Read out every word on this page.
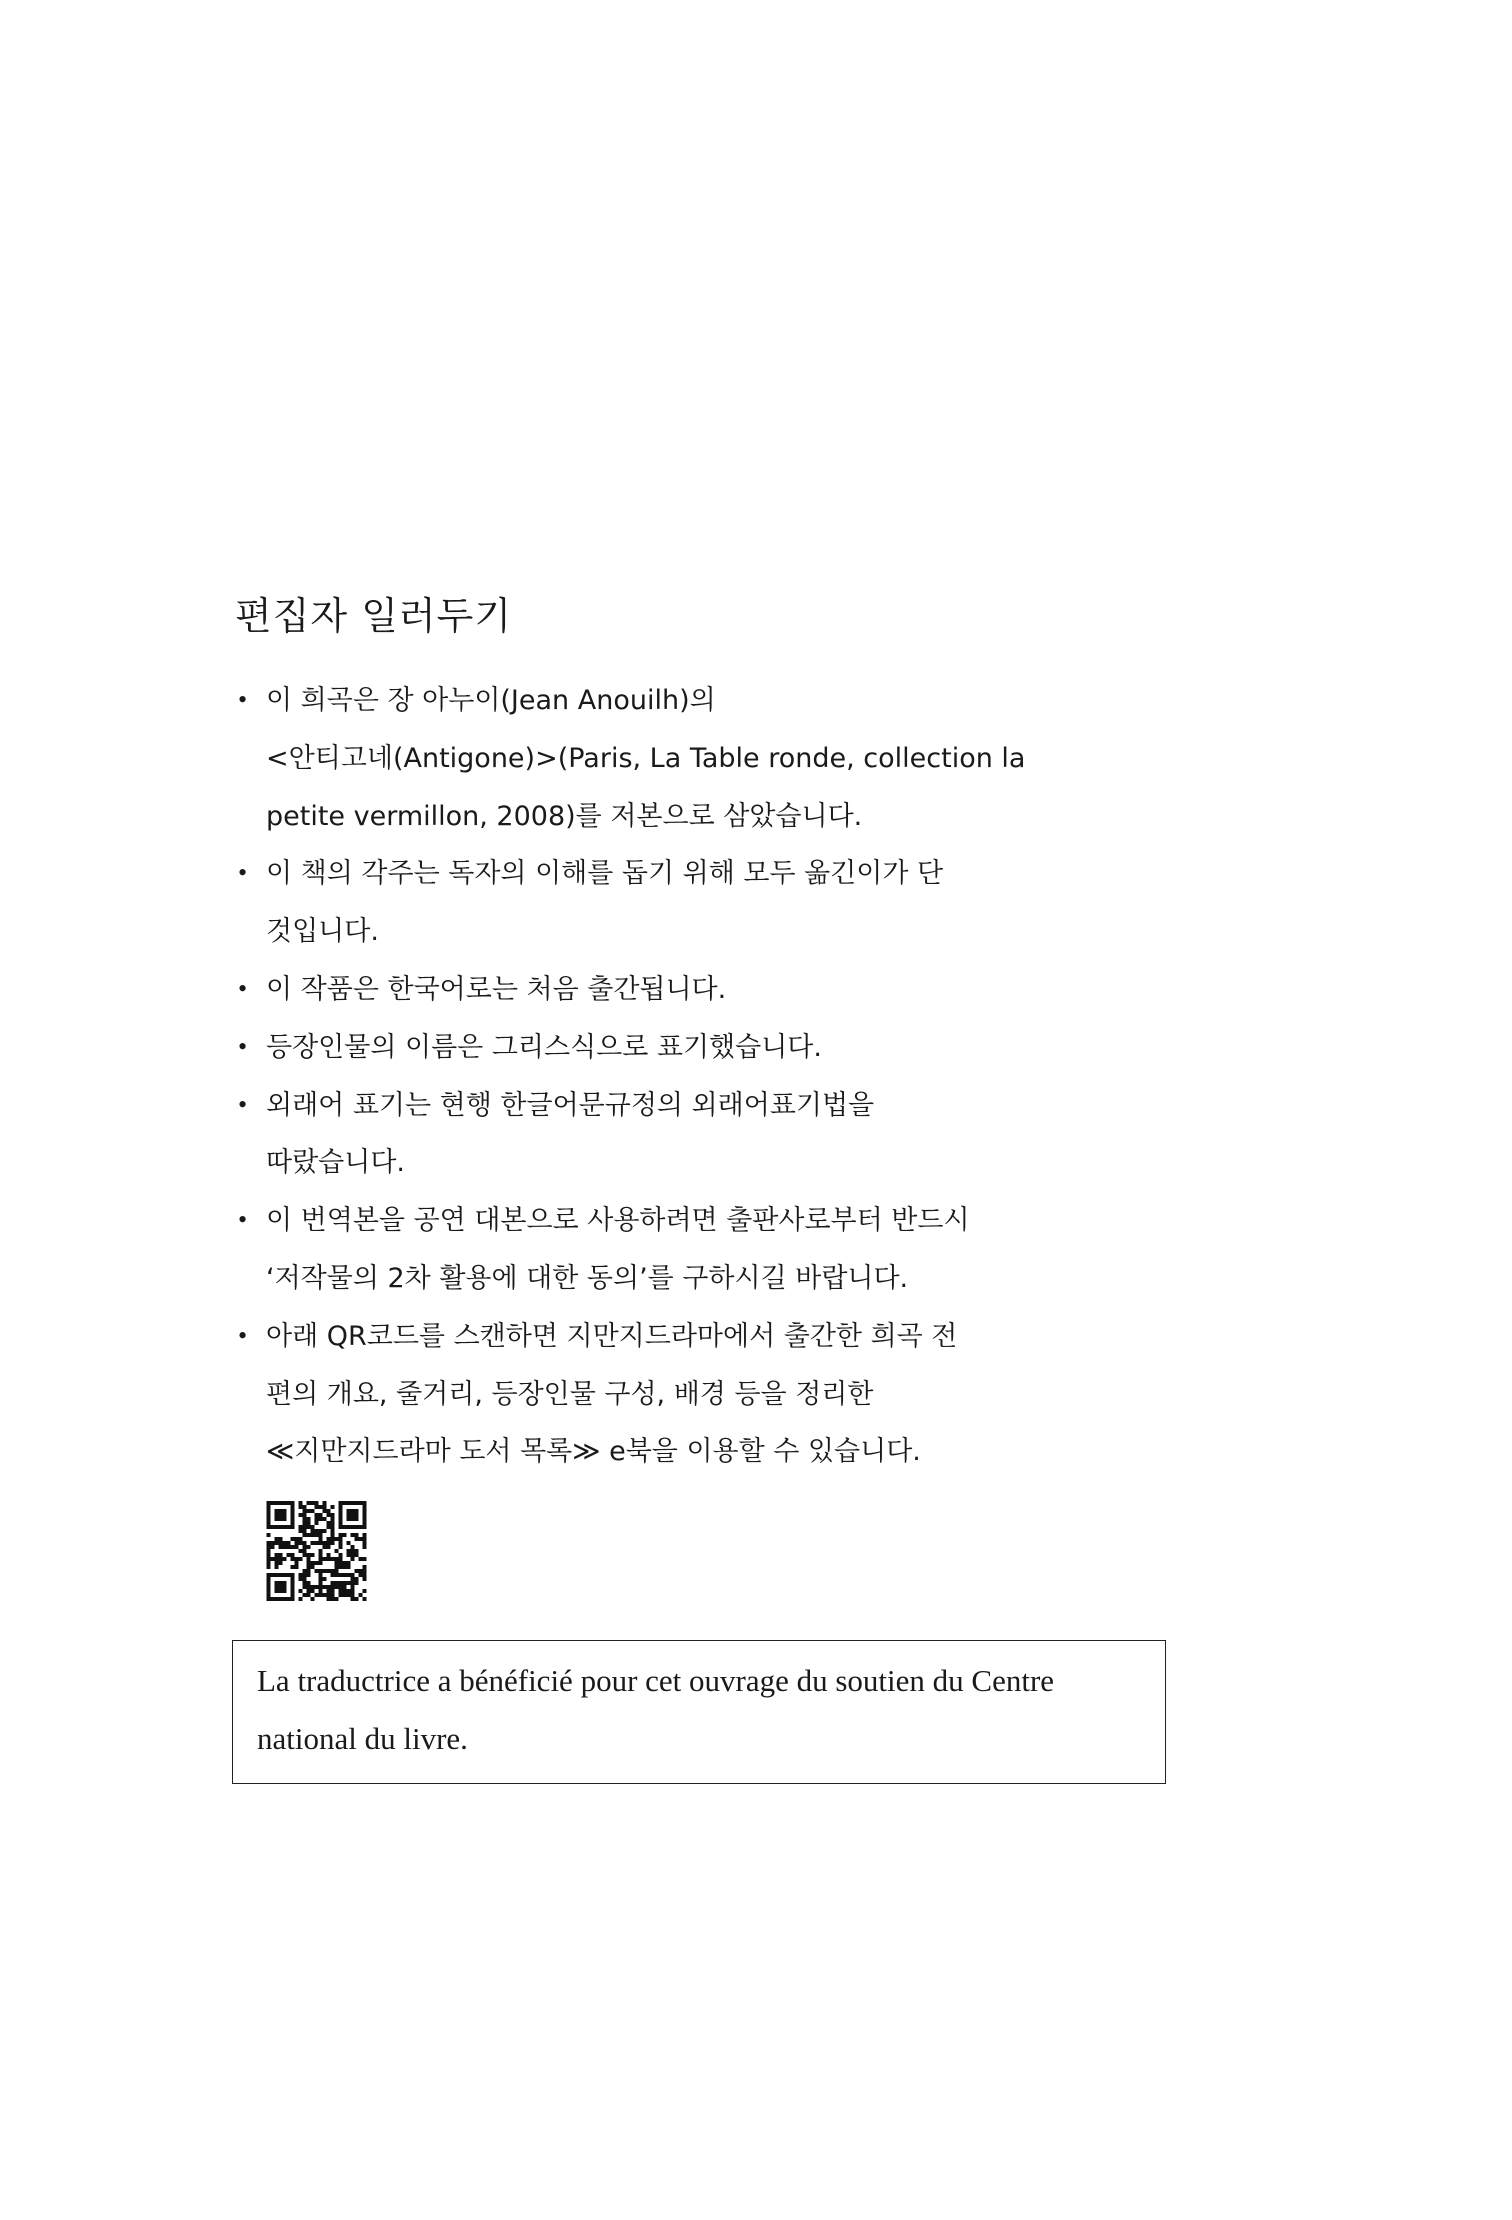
편집자 일러두기
• 이 희곡은 장 아누이(Jean Anouilh)의
<안티고네(Antigone)>(Paris, La Table ronde, collection la
petite vermillon, 2008)를 저본으로 삼았습니다.
• 이 책의 각주는 독자의 이해를 돕기 위해 모두 옮긴이가 단
것입니다.
• 이 작품은 한국어로는 처음 출간됩니다.
• 등장인물의 이름은 그리스식으로 표기했습니다.
• 외래어 표기는 현행 한글어문규정의 외래어표기법을
따랐습니다.
• 이 번역본을 공연 대본으로 사용하려면 출판사로부터 반드시
‘저작물의 2차 활용에 대한 동의’를 구하시길 바랍니다.
• 아래 QR코드를 스캔하면 지만지드라마에서 출간한 희곡 전
편의 개요, 줄거리, 등장인물 구성, 배경 등을 정리한
≪지만지드라마 도서 목록≫ e북을 이용할 수 있습니다.
La traductrice a bénéficié pour cet ouvrage du soutien du Centre
national du livre.
